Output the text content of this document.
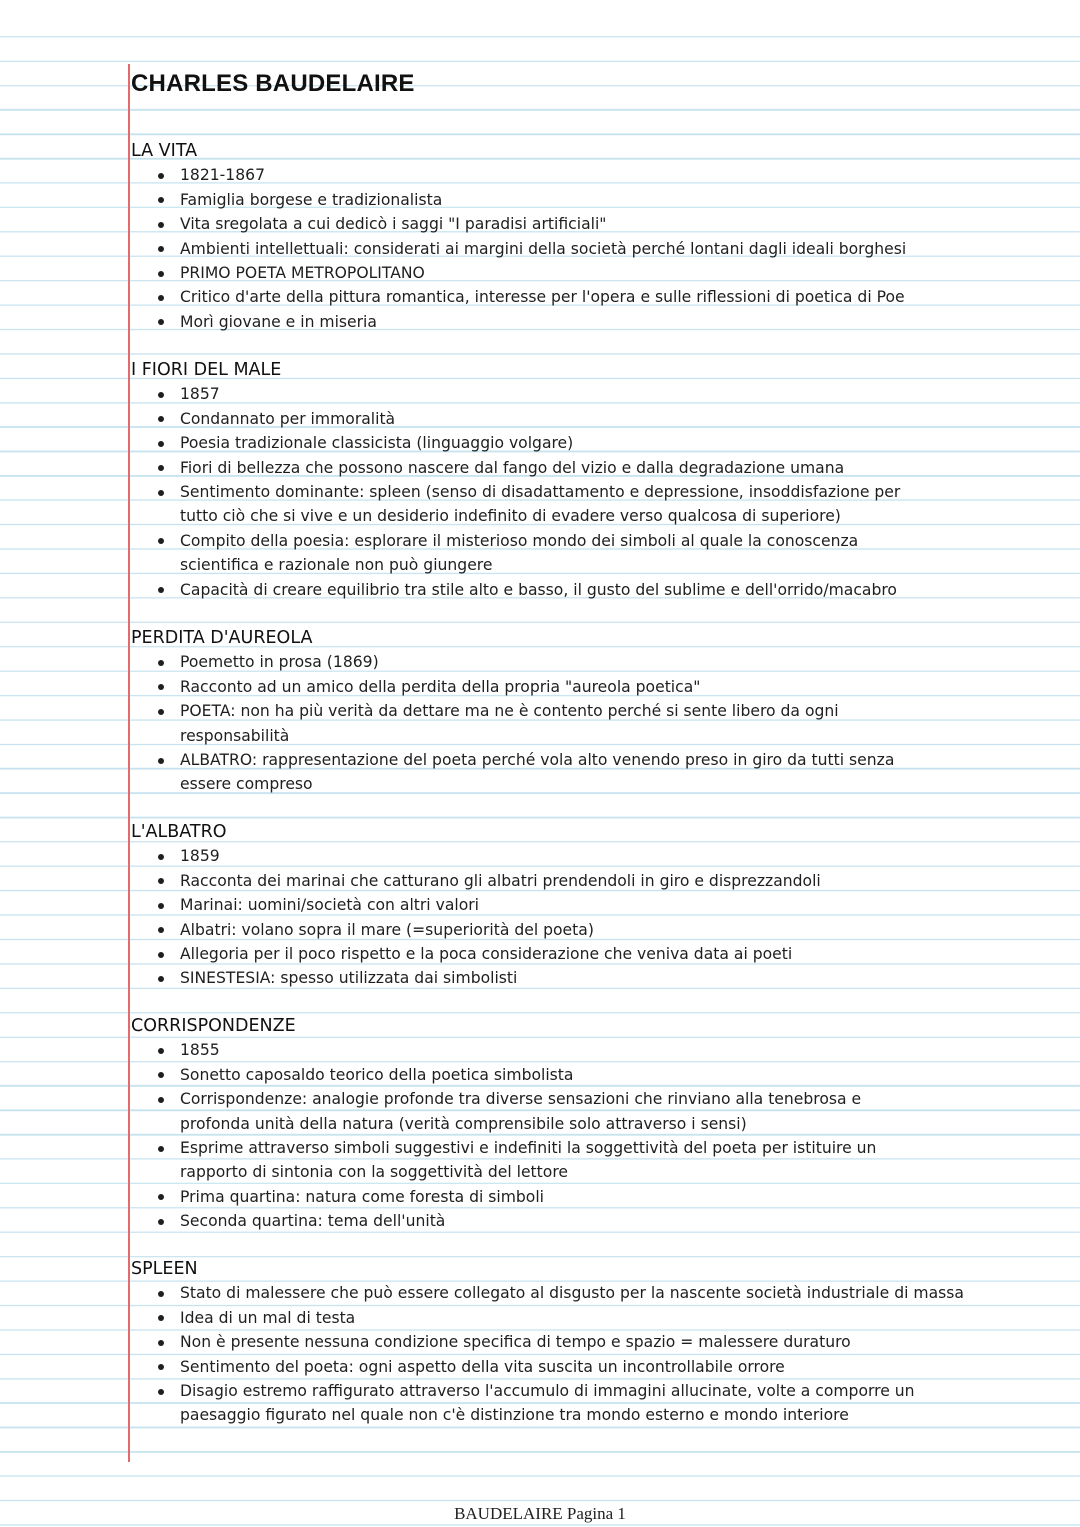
CHARLES BAUDELAIRE
LA VITA
1821-1867
Famiglia borgese e tradizionalista
Vita sregolata a cui dedicò i saggi "I paradisi artificiali"
Ambienti intellettuali: considerati ai margini della società perché lontani dagli ideali borghesi
PRIMO POETA METROPOLITANO
Critico d'arte della pittura romantica, interesse per l'opera e sulle riflessioni di poetica di Poe
Morì giovane e in miseria
I FIORI DEL MALE
1857
Condannato per immoralità
Poesia tradizionale classicista (linguaggio volgare)
Fiori di bellezza che possono nascere dal fango del vizio e dalla degradazione umana
Sentimento dominante: spleen (senso di disadattamento e depressione, insoddisfazione per tutto ciò che si vive e un desiderio indefinito di evadere verso qualcosa di superiore)
Compito della poesia: esplorare il misterioso mondo dei simboli al quale la conoscenza scientifica e razionale non può giungere
Capacità di creare equilibrio tra stile alto e basso, il gusto del sublime e dell'orrido/macabro
PERDITA D'AUREOLA
Poemetto in prosa (1869)
Racconto ad un amico della perdita della propria "aureola poetica"
POETA: non ha più verità da dettare ma ne è contento perché si sente libero da ogni responsabilità
ALBATRO: rappresentazione del poeta perché vola alto venendo preso in giro da tutti senza essere compreso
L'ALBATRO
1859
Racconta dei marinai che catturano gli albatri prendendoli in giro e disprezzandoli
Marinai: uomini/società con altri valori
Albatri: volano sopra il mare (=superiorità del poeta)
Allegoria per il poco rispetto e la poca considerazione che veniva data ai poeti
SINESTESIA: spesso utilizzata dai simbolisti
CORRISPONDENZE
1855
Sonetto caposaldo teorico della poetica simbolista
Corrispondenze: analogie profonde tra diverse sensazioni che rinviano alla tenebrosa e profonda unità della natura (verità comprensibile solo attraverso i sensi)
Esprime attraverso simboli suggestivi e indefiniti la soggettività del poeta per istituire un rapporto di sintonia con la soggettività del lettore
Prima quartina: natura come foresta di simboli
Seconda quartina: tema dell'unità
SPLEEN
Stato di malessere che può essere collegato al disgusto per la nascente società industriale di massa
Idea di un mal di testa
Non è presente nessuna condizione specifica di tempo e spazio = malessere duraturo
Sentimento del poeta: ogni aspetto della vita suscita un incontrollabile orrore
Disagio estremo raffigurato attraverso l'accumulo di immagini allucinate, volte a comporre un paesaggio figurato nel quale non c'è distinzione tra mondo esterno e mondo interiore
BAUDELAIRE Pagina 1
